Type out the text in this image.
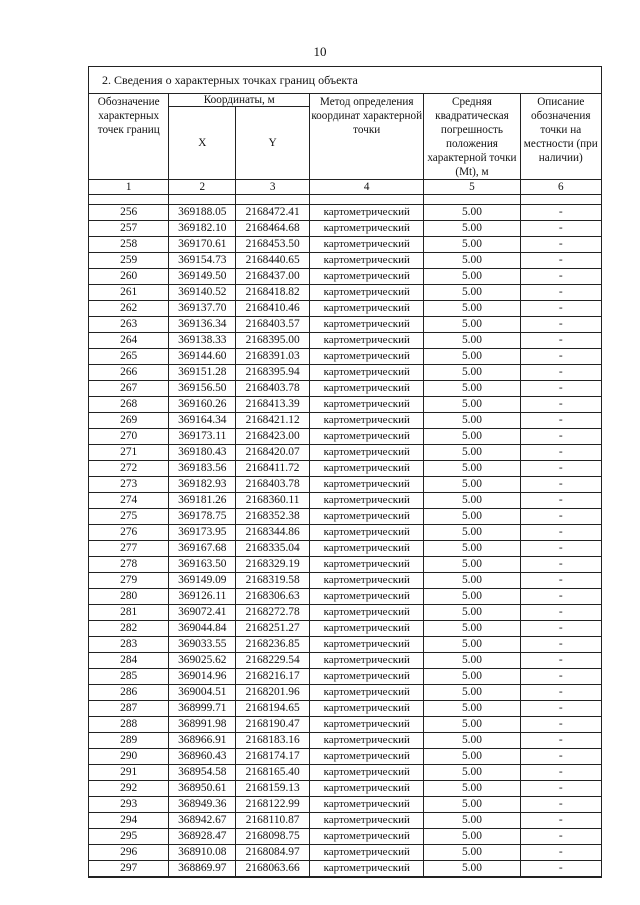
10
2. Сведения о характерных точках границ объекта
Обозначение характерных точек границ	Координаты, м		Метод определения координат характерной точки	Средняя квадратическая погрешность положения характерной точки (Mt), м	Описание обозначения точки на местности (при наличии)
	X	Y			
1	2	3	4	5	6

256	369188.05	2168472.41	картометрический	5.00	-
257	369182.10	2168464.68	картометрический	5.00	-
258	369170.61	2168453.50	картометрический	5.00	-
259	369154.73	2168440.65	картометрический	5.00	-
260	369149.50	2168437.00	картометрический	5.00	-
261	369140.52	2168418.82	картометрический	5.00	-
262	369137.70	2168410.46	картометрический	5.00	-
263	369136.34	2168403.57	картометрический	5.00	-
264	369138.33	2168395.00	картометрический	5.00	-
265	369144.60	2168391.03	картометрический	5.00	-
266	369151.28	2168395.94	картометрический	5.00	-
267	369156.50	2168403.78	картометрический	5.00	-
268	369160.26	2168413.39	картометрический	5.00	-
269	369164.34	2168421.12	картометрический	5.00	-
270	369173.11	2168423.00	картометрический	5.00	-
271	369180.43	2168420.07	картометрический	5.00	-
272	369183.56	2168411.72	картометрический	5.00	-
273	369182.93	2168403.78	картометрический	5.00	-
274	369181.26	2168360.11	картометрический	5.00	-
275	369178.75	2168352.38	картометрический	5.00	-
276	369173.95	2168344.86	картометрический	5.00	-
277	369167.68	2168335.04	картометрический	5.00	-
278	369163.50	2168329.19	картометрический	5.00	-
279	369149.09	2168319.58	картометрический	5.00	-
280	369126.11	2168306.63	картометрический	5.00	-
281	369072.41	2168272.78	картометрический	5.00	-
282	369044.84	2168251.27	картометрический	5.00	-
283	369033.55	2168236.85	картометрический	5.00	-
284	369025.62	2168229.54	картометрический	5.00	-
285	369014.96	2168216.17	картометрический	5.00	-
286	369004.51	2168201.96	картометрический	5.00	-
287	368999.71	2168194.65	картометрический	5.00	-
288	368991.98	2168190.47	картометрический	5.00	-
289	368966.91	2168183.16	картометрический	5.00	-
290	368960.43	2168174.17	картометрический	5.00	-
291	368954.58	2168165.40	картометрический	5.00	-
292	368950.61	2168159.13	картометрический	5.00	-
293	368949.36	2168122.99	картометрический	5.00	-
294	368942.67	2168110.87	картометрический	5.00	-
295	368928.47	2168098.75	картометрический	5.00	-
296	368910.08	2168084.97	картометрический	5.00	-
297	368869.97	2168063.66	картометрический	5.00	-
